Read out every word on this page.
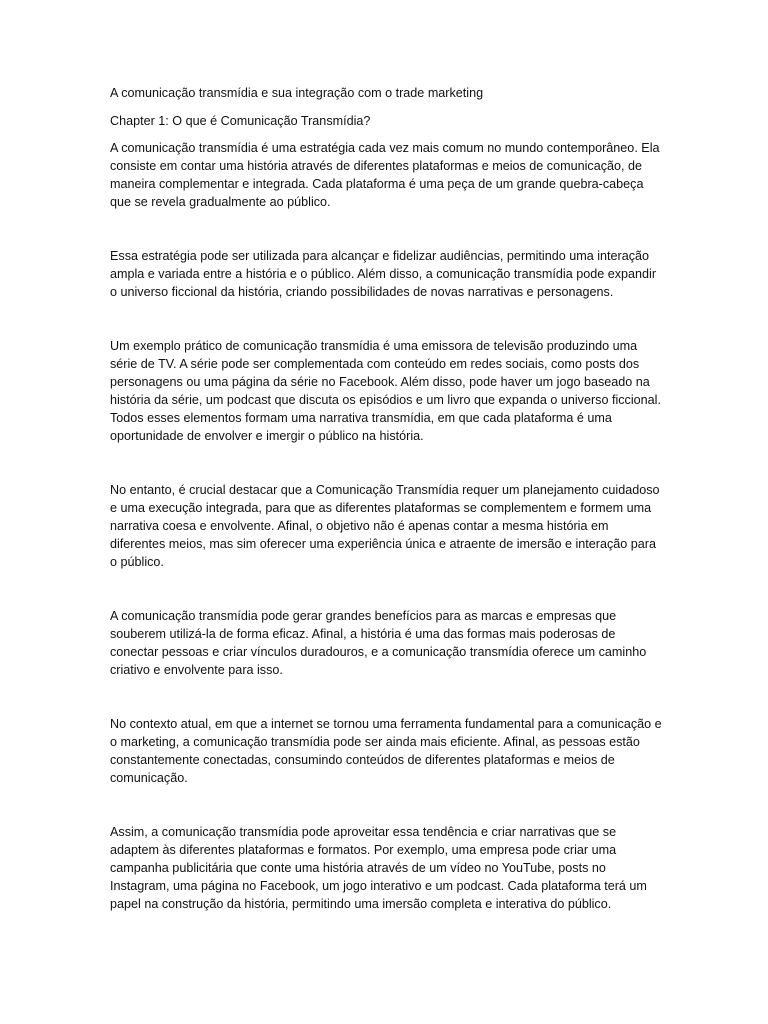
A comunicação transmídia e sua integração com o trade marketing
Chapter 1: O que é Comunicação Transmídia?

A comunicação transmídia é uma estratégia cada vez mais comum no mundo contemporâneo. Ela consiste em contar uma história através de diferentes plataformas e meios de comunicação, de maneira complementar e integrada. Cada plataforma é uma peça de um grande quebra-cabeça que se revela gradualmente ao público.

Essa estratégia pode ser utilizada para alcançar e fidelizar audiências, permitindo uma interação ampla e variada entre a história e o público. Além disso, a comunicação transmídia pode expandir o universo ficcional da história, criando possibilidades de novas narrativas e personagens.

Um exemplo prático de comunicação transmídia é uma emissora de televisão produzindo uma série de TV. A série pode ser complementada com conteúdo em redes sociais, como posts dos personagens ou uma página da série no Facebook. Além disso, pode haver um jogo baseado na história da série, um podcast que discuta os episódios e um livro que expanda o universo ficcional. Todos esses elementos formam uma narrativa transmídia, em que cada plataforma é uma oportunidade de envolver e imergir o público na história.

No entanto, é crucial destacar que a Comunicação Transmídia requer um planejamento cuidadoso e uma execução integrada, para que as diferentes plataformas se complementem e formem uma narrativa coesa e envolvente. Afinal, o objetivo não é apenas contar a mesma história em diferentes meios, mas sim oferecer uma experiência única e atraente de imersão e interação para o público.

A comunicação transmídia pode gerar grandes benefícios para as marcas e empresas que souberem utilizá-la de forma eficaz. Afinal, a história é uma das formas mais poderosas de conectar pessoas e criar vínculos duradouros, e a comunicação transmídia oferece um caminho criativo e envolvente para isso.

No contexto atual, em que a internet se tornou uma ferramenta fundamental para a comunicação e o marketing, a comunicação transmídia pode ser ainda mais eficiente. Afinal, as pessoas estão constantemente conectadas, consumindo conteúdos de diferentes plataformas e meios de comunicação.

Assim, a comunicação transmídia pode aproveitar essa tendência e criar narrativas que se adaptem às diferentes plataformas e formatos. Por exemplo, uma empresa pode criar uma campanha publicitária que conte uma história através de um vídeo no YouTube, posts no Instagram, uma página no Facebook, um jogo interativo e um podcast. Cada plataforma terá um papel na construção da história, permitindo uma imersão completa e interativa do público.
